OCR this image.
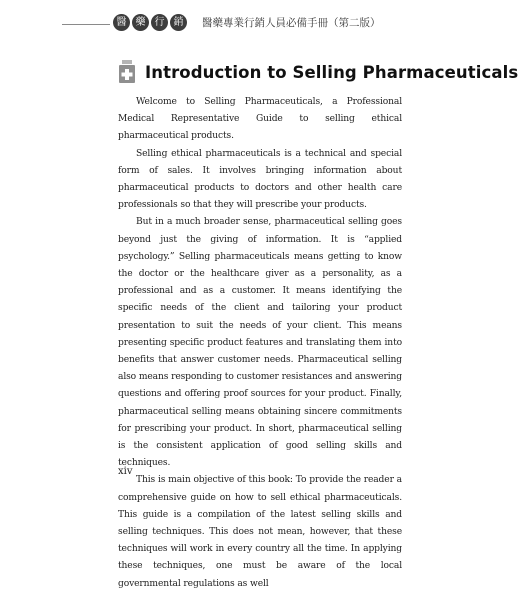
醫 藥 行 銷	醫藥專業行銷人員必備手冊（第二版）
Introduction to Selling Pharmaceuticals

Welcome to Selling Pharmaceuticals, a Professional Medical Representative Guide to selling ethical pharmaceutical products.

Selling ethical pharmaceuticals is a technical and special form of sales. It involves bringing information about pharmaceutical products to doctors and other health care professionals so that they will prescribe your products.

But in a much broader sense, pharmaceutical selling goes beyond just the giving of information. It is “applied psychology.” Selling pharmaceuticals means getting to know the doctor or the healthcare giver as a personality, as a professional and as a customer. It means identifying the specific needs of the client and tailoring your product presentation to suit the needs of your client. This means presenting specific product features and translating them into benefits that answer customer needs. Pharmaceutical selling also means responding to customer resistances and answering questions and offering proof sources for your product. Finally, pharmaceutical selling means obtaining sincere commitments for prescribing your product. In short, pharmaceutical selling is the consistent application of good selling skills and techniques.

This is main objective of this book: To provide the reader a comprehensive guide on how to sell ethical pharmaceuticals. This guide is a compilation of the latest selling skills and selling techniques. This does not mean, however, that these techniques will work in every country all the time. In applying these techniques, one must be aware of the local governmental regulations as well

xiv
